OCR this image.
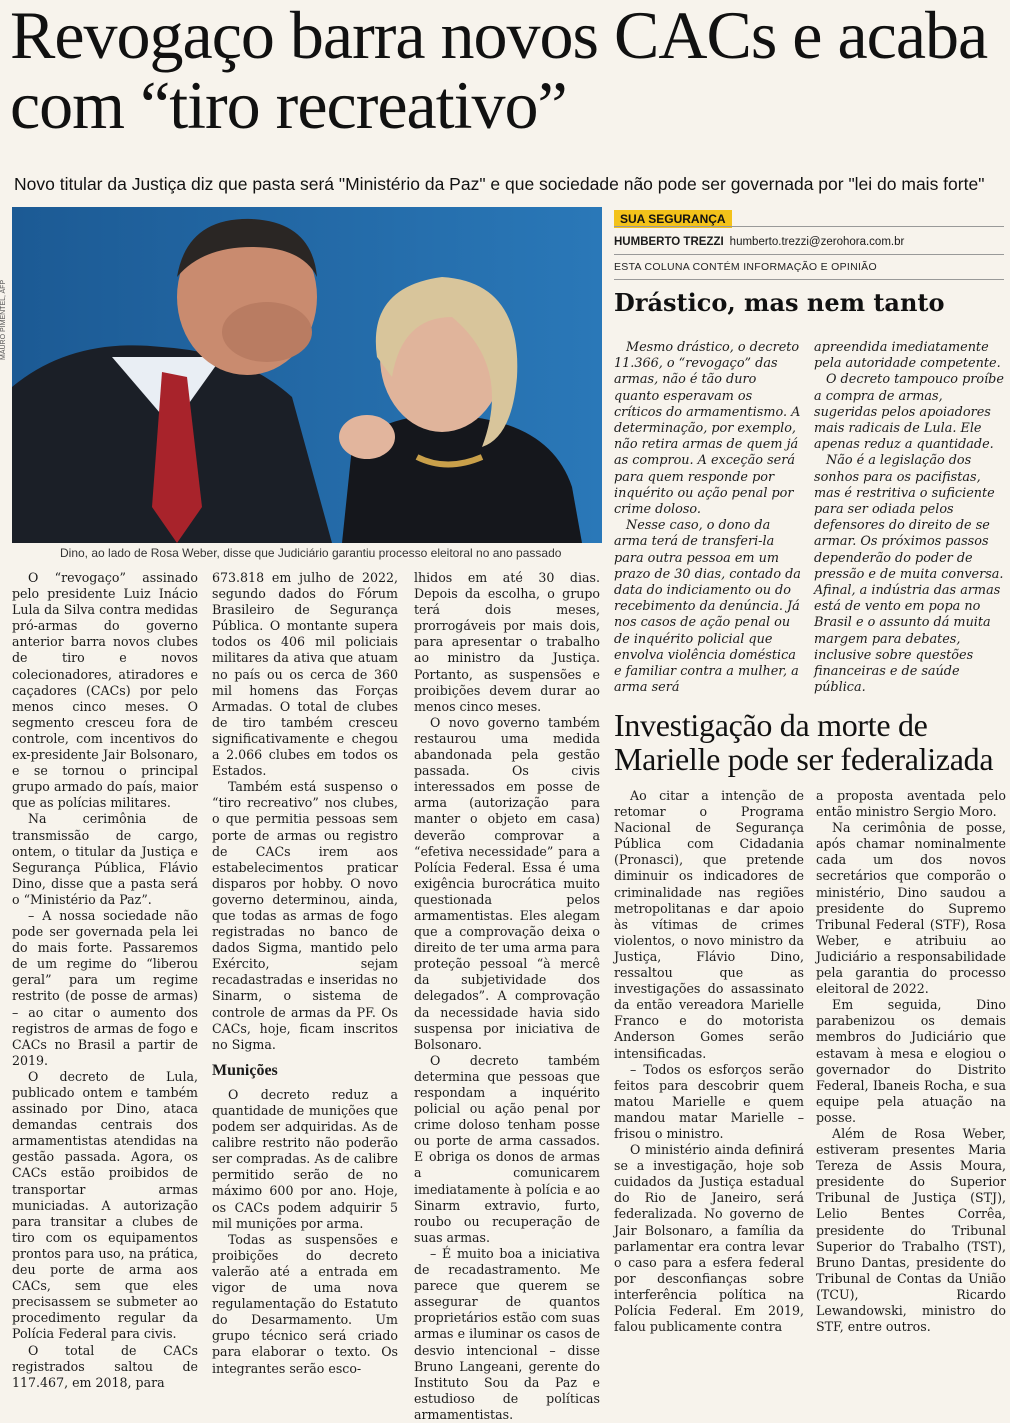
Revogaço barra novos CACs e acaba com “tiro recreativo”
Novo titular da Justiça diz que pasta será "Ministério da Paz" e que sociedade não pode ser governada por "lei do mais forte"
MAURO PIMENTEL, AFP
Dino, ao lado de Rosa Weber, disse que Judiciário garantiu processo eleitoral no ano passado

O “revogaço” assinado pelo presidente Luiz Inácio Lula da Silva contra medidas pró-armas do governo anterior barra novos clubes de tiro e novos colecionadores, atiradores e caçadores (CACs) por pelo menos cinco meses. O segmento cresceu fora de controle, com incentivos do ex-presidente Jair Bolsonaro, e se tornou o principal grupo armado do país, maior que as polícias militares.

Na cerimônia de transmissão de cargo, ontem, o titular da Justiça e Segurança Pública, Flávio Dino, disse que a pasta será o “Ministério da Paz”.

– A nossa sociedade não pode ser governada pela lei do mais forte. Passaremos de um regime do “liberou geral” para um regime restrito (de posse de armas) – ao citar o aumento dos registros de armas de fogo e CACs no Brasil a partir de 2019.

O decreto de Lula, publicado ontem e também assinado por Dino, ataca demandas centrais dos armamentistas atendidas na gestão passada. Agora, os CACs estão proibidos de transportar armas municiadas. A autorização para transitar a clubes de tiro com os equipamentos prontos para uso, na prática, deu porte de arma aos CACs, sem que eles precisassem se submeter ao procedimento regular da Polícia Federal para civis.

O total de CACs registrados saltou de 117.467, em 2018, para

673.818 em julho de 2022, segundo dados do Fórum Brasileiro de Segurança Pública. O montante supera todos os 406 mil policiais militares da ativa que atuam no país ou os cerca de 360 mil homens das Forças Armadas. O total de clubes de tiro também cresceu significativamente e chegou a 2.066 clubes em todos os Estados.

Também está suspenso o “tiro recreativo” nos clubes, o que permitia pessoas sem porte de armas ou registro de CACs irem aos estabelecimentos praticar disparos por hobby. O novo governo determinou, ainda, que todas as armas de fogo registradas no banco de dados Sigma, mantido pelo Exército, sejam recadastradas e inseridas no Sinarm, o sistema de controle de armas da PF. Os CACs, hoje, ficam inscritos no Sigma.

Munições

O decreto reduz a quantidade de munições que podem ser adquiridas. As de calibre restrito não poderão ser compradas. As de calibre permitido serão de no máximo 600 por ano. Hoje, os CACs podem adquirir 5 mil munições por arma.

Todas as suspensões e proibições do decreto valerão até a entrada em vigor de uma nova regulamentação do Estatuto do Desarmamento. Um grupo técnico será criado para elaborar o texto. Os integrantes serão esco-

lhidos em até 30 dias. Depois da escolha, o grupo terá dois meses, prorrogáveis por mais dois, para apresentar o trabalho ao ministro da Justiça. Portanto, as suspensões e proibições devem durar ao menos cinco meses.

O novo governo também restaurou uma medida abandonada pela gestão passada. Os civis interessados em posse de arma (autorização para manter o objeto em casa) deverão comprovar a “efetiva necessidade” para a Polícia Federal. Essa é uma exigência burocrática muito questionada pelos armamentistas. Eles alegam que a comprovação deixa o direito de ter uma arma para proteção pessoal “à mercê da subjetividade dos delegados”. A comprovação da necessidade havia sido suspensa por iniciativa de Bolsonaro.

O decreto também determina que pessoas que respondam a inquérito policial ou ação penal por crime doloso tenham posse ou porte de arma cassados. E obriga os donos de armas a comunicarem imediatamente à polícia e ao Sinarm extravio, furto, roubo ou recuperação de suas armas.

– É muito boa a iniciativa de recadastramento. Me parece que querem se assegurar de quantos proprietários estão com suas armas e iluminar os casos de desvio intencional – disse Bruno Langeani, gerente do Instituto Sou da Paz e estudioso de políticas armamentistas.

SUA SEGURANÇA
HUMBERTO TREZZI humberto.trezzi@zerohora.com.br
ESTA COLUNA CONTÉM INFORMAÇÃO E OPINIÃO
Drástico, mas nem tanto

Mesmo drástico, o decreto 11.366, o “revogaço” das armas, não é tão duro quanto esperavam os críticos do armamentismo. A determinação, por exemplo, não retira armas de quem já as comprou. A exceção será para quem responde por inquérito ou ação penal por crime doloso.

Nesse caso, o dono da arma terá de transferi-la para outra pessoa em um prazo de 30 dias, contado da data do indiciamento ou do recebimento da denúncia. Já nos casos de ação penal ou de inquérito policial que envolva violência doméstica e familiar contra a mulher, a arma será

apreendida imediatamente pela autoridade competente.

O decreto tampouco proíbe a compra de armas, sugeridas pelos apoiadores mais radicais de Lula. Ele apenas reduz a quantidade.

Não é a legislação dos sonhos para os pacifistas, mas é restritiva o suficiente para ser odiada pelos defensores do direito de se armar. Os próximos passos dependerão do poder de pressão e de muita conversa. Afinal, a indústria das armas está de vento em popa no Brasil e o assunto dá muita margem para debates, inclusive sobre questões financeiras e de saúde pública.

Investigação da morte de Marielle pode ser federalizada

Ao citar a intenção de retomar o Programa Nacional de Segurança Pública com Cidadania (Pronasci), que pretende diminuir os indicadores de criminalidade nas regiões metropolitanas e dar apoio às vítimas de crimes violentos, o novo ministro da Justiça, Flávio Dino, ressaltou que as investigações do assassinato da então vereadora Marielle Franco e do motorista Anderson Gomes serão intensificadas.

– Todos os esforços serão feitos para descobrir quem matou Marielle e quem mandou matar Marielle – frisou o ministro.

O ministério ainda definirá se a investigação, hoje sob cuidados da Justiça estadual do Rio de Janeiro, será federalizada. No governo de Jair Bolsonaro, a família da parlamentar era contra levar o caso para a esfera federal por desconfianças sobre interferência política na Polícia Federal. Em 2019, falou publicamente contra

a proposta aventada pelo então ministro Sergio Moro.

Na cerimônia de posse, após chamar nominalmente cada um dos novos secretários que comporão o ministério, Dino saudou a presidente do Supremo Tribunal Federal (STF), Rosa Weber, e atribuiu ao Judiciário a responsabilidade pela garantia do processo eleitoral de 2022.

Em seguida, Dino parabenizou os demais membros do Judiciário que estavam à mesa e elogiou o governador do Distrito Federal, Ibaneis Rocha, e sua equipe pela atuação na posse.

Além de Rosa Weber, estiveram presentes Maria Tereza de Assis Moura, presidente do Superior Tribunal de Justiça (STJ), Lelio Bentes Corrêa, presidente do Tribunal Superior do Trabalho (TST), Bruno Dantas, presidente do Tribunal de Contas da União (TCU), Ricardo Lewandowski, ministro do STF, entre outros.
